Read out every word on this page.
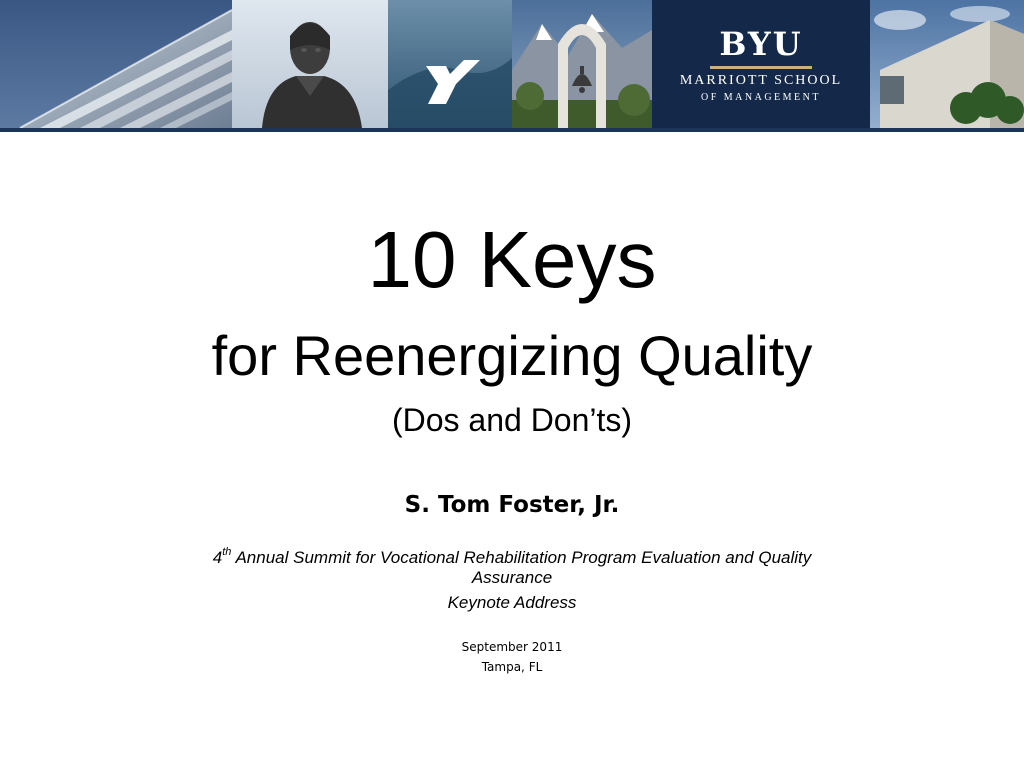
BYU
MARRIOTT SCHOOL
OF MANAGEMENT
10 Keys
for Reenergizing Quality
(Dos and Don’ts)
S. Tom Foster, Jr.
4th Annual Summit for Vocational Rehabilitation Program Evaluation and Quality Assurance
Keynote Address
September 2011
Tampa, FL
